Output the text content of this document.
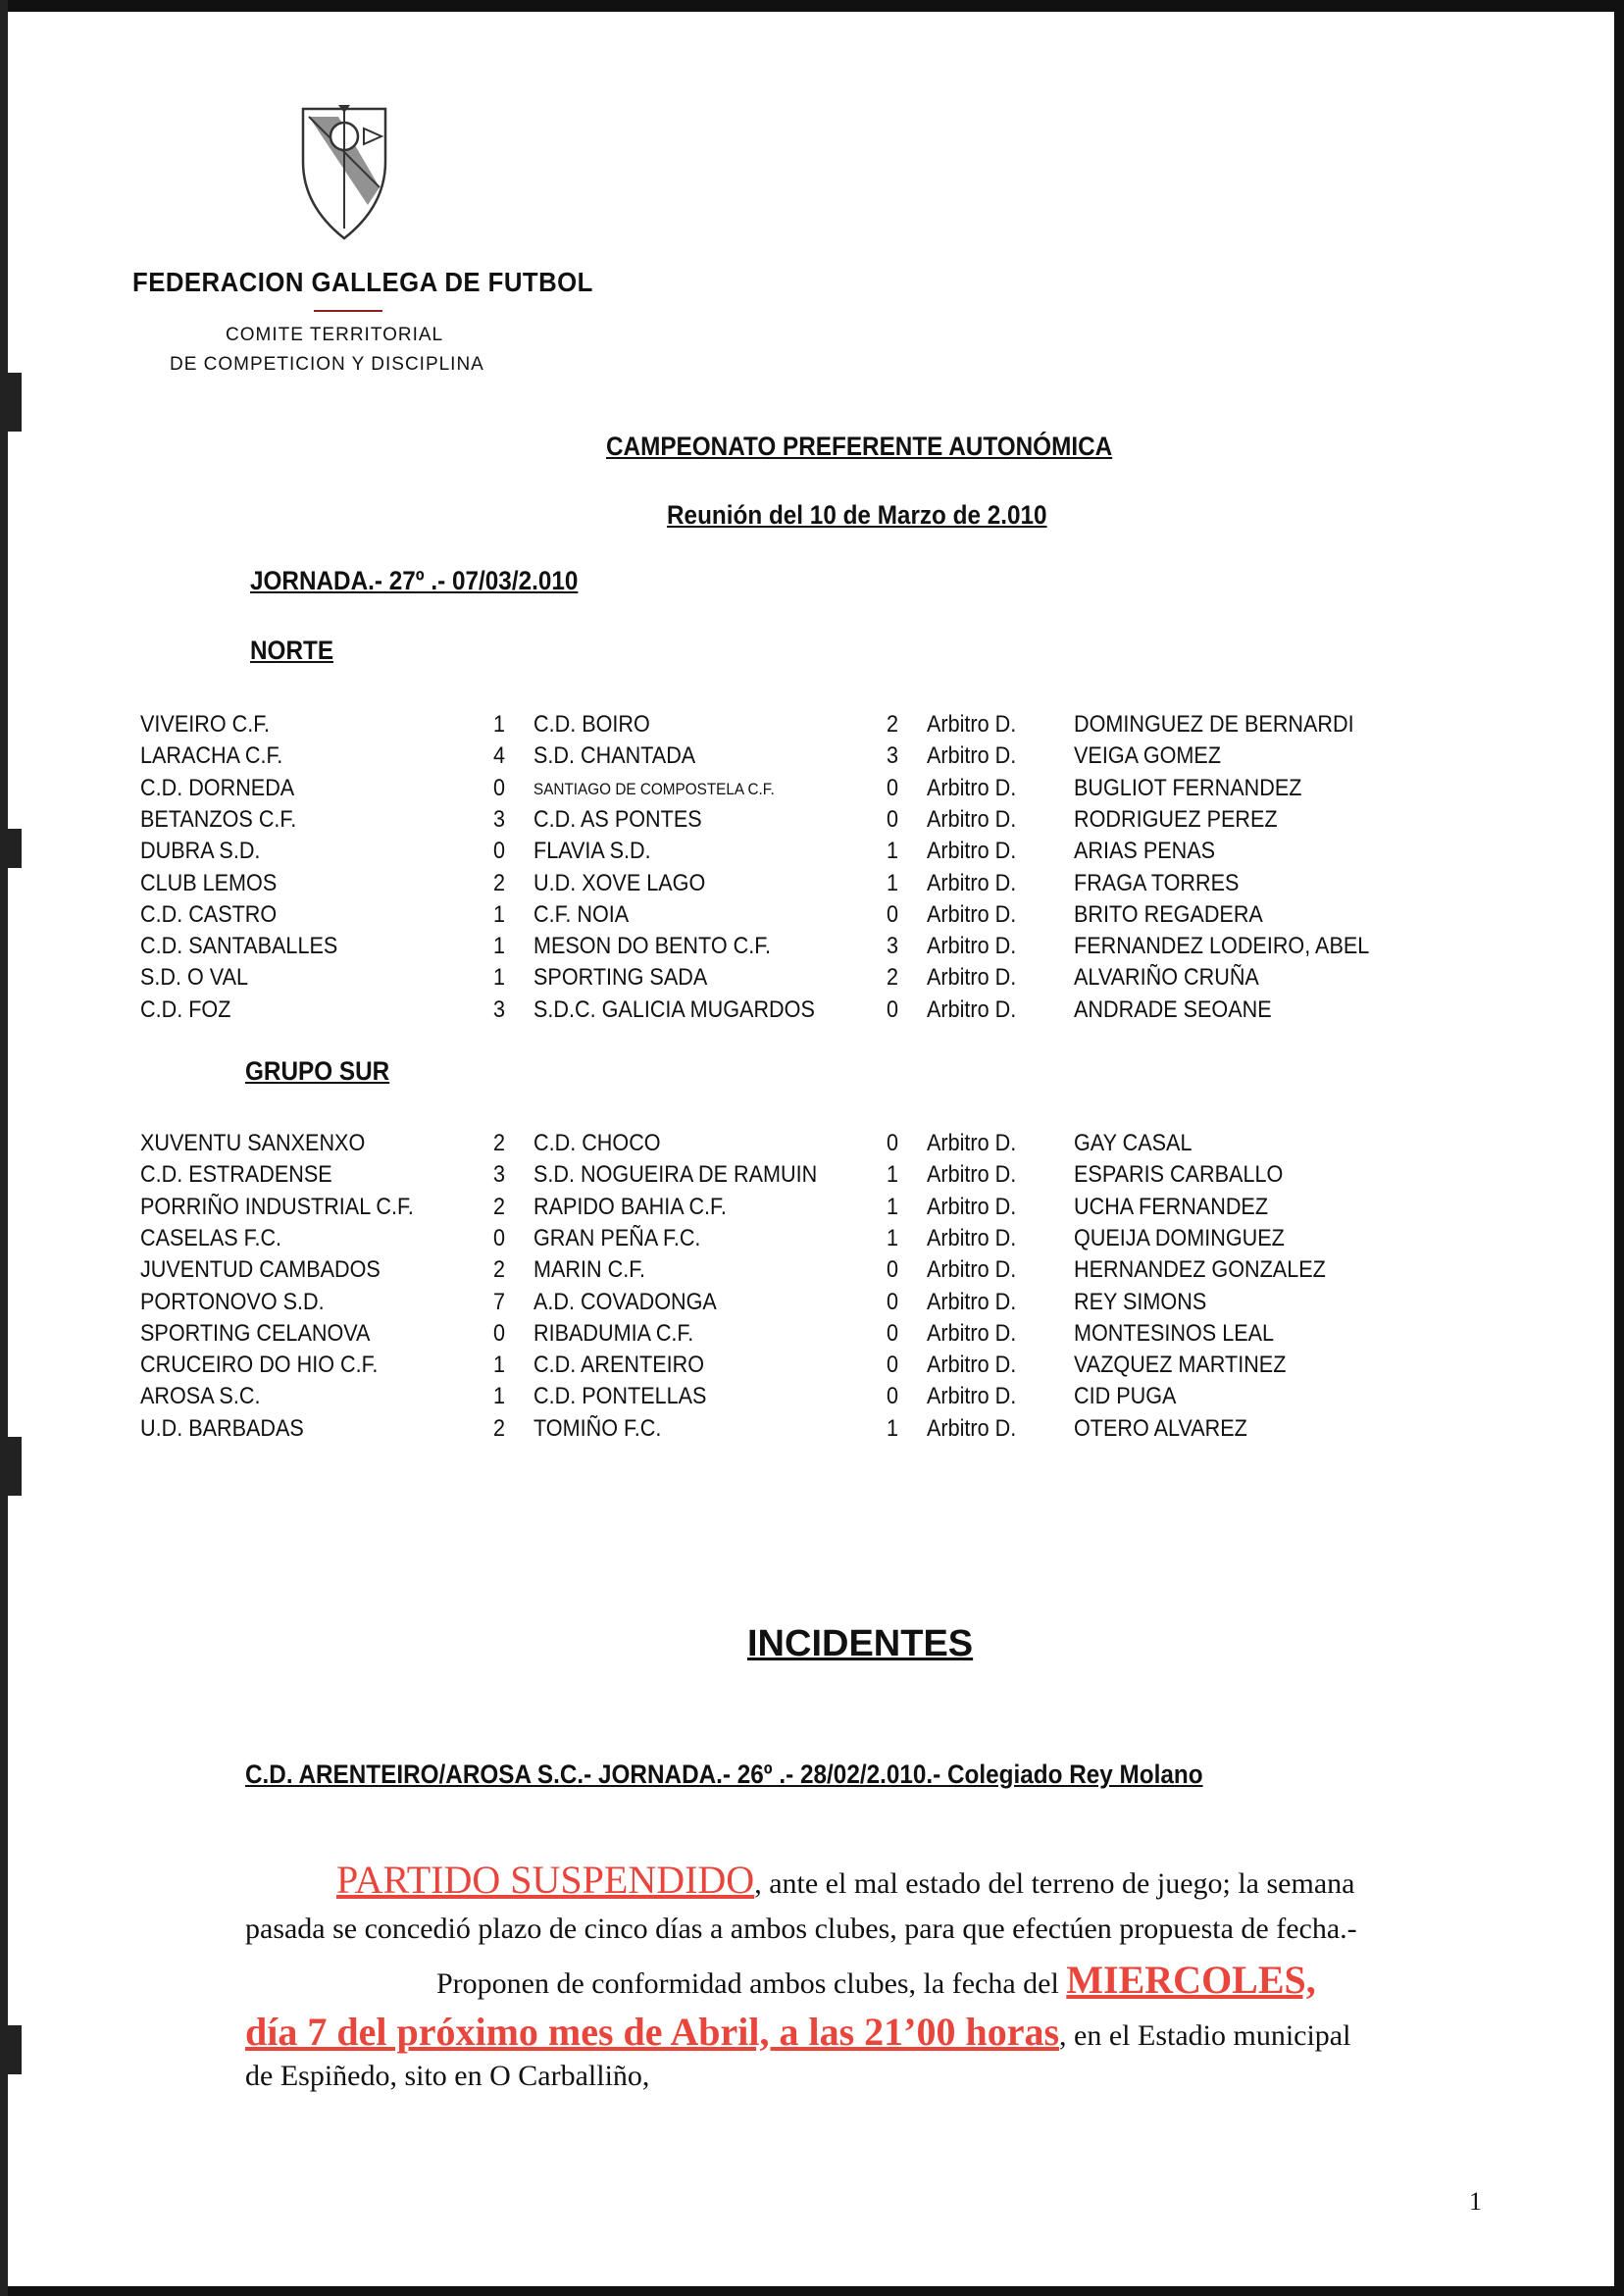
FEDERACION GALLEGA DE FUTBOL
COMITE TERRITORIAL
DE COMPETICION Y DISCIPLINA
CAMPEONATO PREFERENTE AUTONÓMICA
Reunión del 10 de Marzo de 2.010
JORNADA.- 27º .- 07/03/2.010
NORTE
VIVEIRO C.F.	1 C.D. BOIRO	2 Arbitro D. DOMINGUEZ DE BERNARDI
LARACHA C.F.	4 S.D. CHANTADA	3 Arbitro D. VEIGA GOMEZ
C.D. DORNEDA	0 SANTIAGO DE COMPOSTELA C.F.	0 Arbitro D. BUGLIOT FERNANDEZ
BETANZOS C.F.	3 C.D. AS PONTES	0 Arbitro D. RODRIGUEZ PEREZ
DUBRA S.D.	0 FLAVIA S.D.	1 Arbitro D. ARIAS PENAS
CLUB LEMOS	2 U.D. XOVE LAGO	1 Arbitro D. FRAGA TORRES
C.D. CASTRO	1 C.F. NOIA	0 Arbitro D. BRITO REGADERA
C.D. SANTABALLES	1 MESON DO BENTO C.F.	3 Arbitro D. FERNANDEZ LODEIRO, ABEL
S.D. O VAL	1 SPORTING SADA	2 Arbitro D. ALVARIÑO CRUÑA
C.D. FOZ	3 S.D.C. GALICIA MUGARDOS	0 Arbitro D. ANDRADE SEOANE
GRUPO SUR
XUVENTU SANXENXO	2 C.D. CHOCO	0 Arbitro D. GAY CASAL
C.D. ESTRADENSE	3 S.D. NOGUEIRA DE RAMUIN	1 Arbitro D. ESPARIS CARBALLO
PORRIÑO INDUSTRIAL C.F.	2 RAPIDO BAHIA C.F.	1 Arbitro D. UCHA FERNANDEZ
CASELAS F.C.	0 GRAN PEÑA F.C.	1 Arbitro D. QUEIJA DOMINGUEZ
JUVENTUD CAMBADOS	2 MARIN C.F.	0 Arbitro D. HERNANDEZ GONZALEZ
PORTONOVO S.D.	7 A.D. COVADONGA	0 Arbitro D. REY SIMONS
SPORTING CELANOVA	0 RIBADUMIA C.F.	0 Arbitro D. MONTESINOS LEAL
CRUCEIRO DO HIO C.F.	1 C.D. ARENTEIRO	0 Arbitro D. VAZQUEZ MARTINEZ
AROSA S.C.	1 C.D. PONTELLAS	0 Arbitro D. CID PUGA
U.D. BARBADAS	2 TOMIÑO F.C.	1 Arbitro D. OTERO ALVAREZ
INCIDENTES
C.D. ARENTEIRO/AROSA S.C.- JORNADA.- 26º .- 28/02/2.010.- Colegiado Rey Molano
PARTIDO SUSPENDIDO, ante el mal estado del terreno de juego; la semana
pasada se concedió plazo de cinco días a ambos clubes, para que efectúen propuesta de fecha.-
Proponen de conformidad ambos clubes, la fecha del MIERCOLES,
día 7 del próximo mes de Abril, a las 21’00 horas, en el Estadio municipal
de Espiñedo, sito en O Carballiño,
1
